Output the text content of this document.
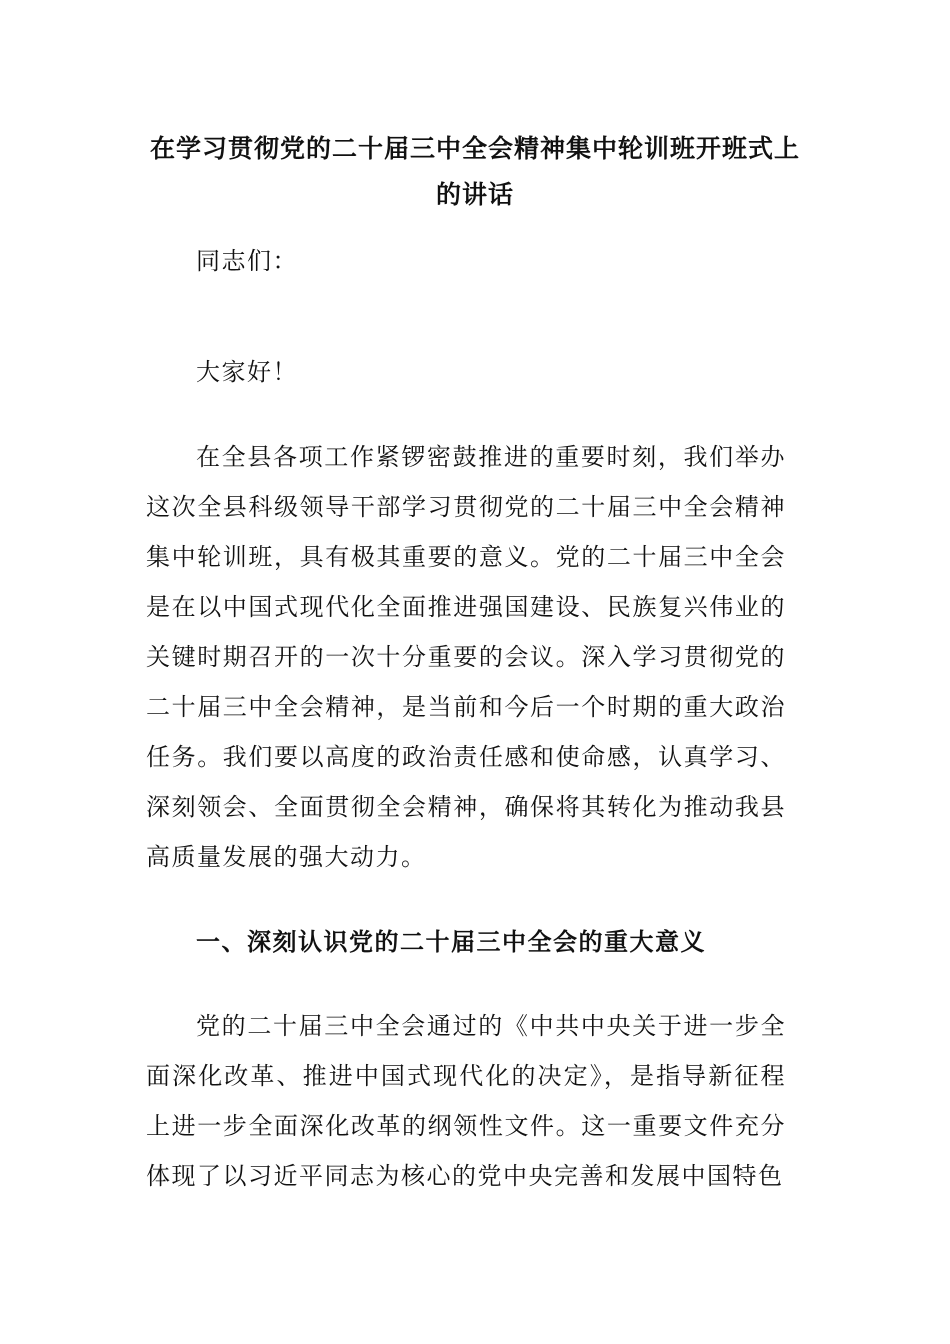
在学习贯彻党的二十届三中全会精神集中轮训班开班式上的讲话

同志们：

大家好！

在全县各项工作紧锣密鼓推进的重要时刻，我们举办这次全县科级领导干部学习贯彻党的二十届三中全会精神集中轮训班，具有极其重要的意义。党的二十届三中全会是在以中国式现代化全面推进强国建设、民族复兴伟业的关键时期召开的一次十分重要的会议。深入学习贯彻党的二十届三中全会精神，是当前和今后一个时期的重大政治任务。我们要以高度的政治责任感和使命感，认真学习、深刻领会、全面贯彻全会精神，确保将其转化为推动我县高质量发展的强大动力。

一、深刻认识党的二十届三中全会的重大意义

党的二十届三中全会通过的《中共中央关于进一步全面深化改革、推进中国式现代化的决定》，是指导新征程上进一步全面深化改革的纲领性文件。这一重要文件充分体现了以习近平同志为核心的党中央完善和发展中国特色
